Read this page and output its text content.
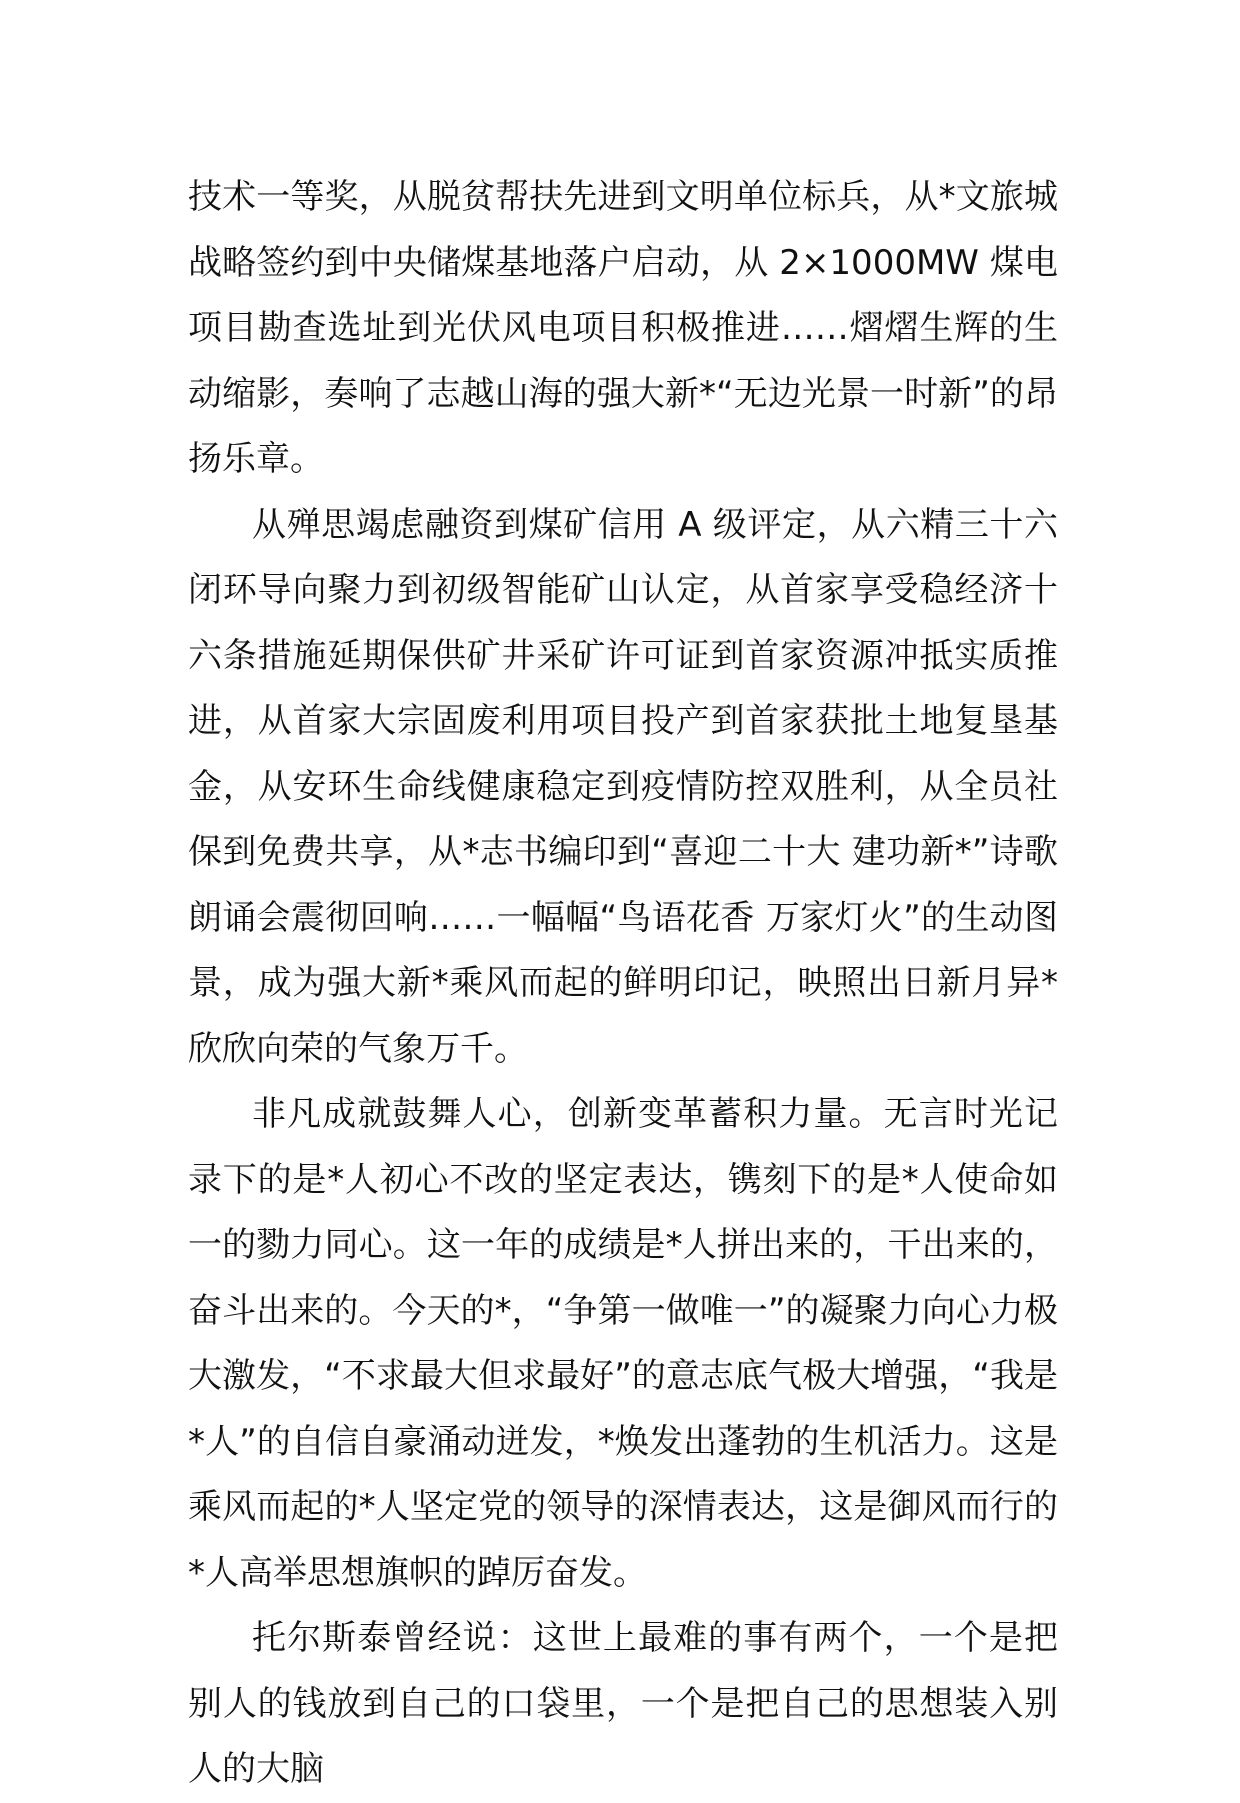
技术一等奖，从脱贫帮扶先进到文明单位标兵，从*文旅城战略签约到中央储煤基地落户启动，从 2×1000MW 煤电项目勘查选址到光伏风电项目积极推进……熠熠生辉的生动缩影，奏响了志越山海的强大新*“无边光景一时新”的昂扬乐章。

从殚思竭虑融资到煤矿信用 A 级评定，从六精三十六闭环导向聚力到初级智能矿山认定，从首家享受稳经济十六条措施延期保供矿井采矿许可证到首家资源冲抵实质推进，从首家大宗固废利用项目投产到首家获批土地复垦基金，从安环生命线健康稳定到疫情防控双胜利，从全员社保到免费共享，从*志书编印到“喜迎二十大 建功新*”诗歌朗诵会震彻回响……一幅幅“鸟语花香 万家灯火”的生动图景，成为强大新*乘风而起的鲜明印记，映照出日新月异*欣欣向荣的气象万千。

非凡成就鼓舞人心，创新变革蓄积力量。无言时光记录下的是*人初心不改的坚定表达，镌刻下的是*人使命如一的勠力同心。这一年的成绩是*人拼出来的，干出来的，奋斗出来的。今天的*，“争第一做唯一”的凝聚力向心力极大激发，“不求最大但求最好”的意志底气极大增强，“我是*人”的自信自豪涌动迸发，*焕发出蓬勃的生机活力。这是乘风而起的*人坚定党的领导的深情表达，这是御风而行的*人高举思想旗帜的踔厉奋发。

托尔斯泰曾经说：这世上最难的事有两个，一个是把别人的钱放到自己的口袋里，一个是把自己的思想装入别人的大脑
